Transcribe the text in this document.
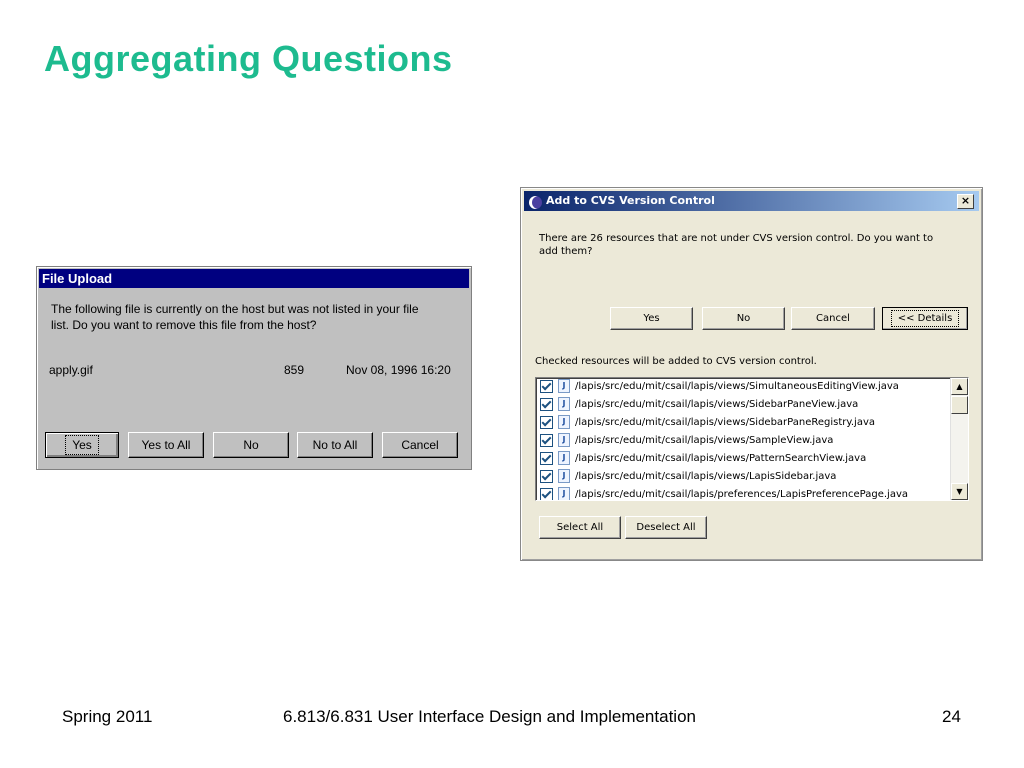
Aggregating Questions
File Upload
The following file is currently on the host but was not listed in your file
list. Do you want to remove this file from the host?
apply.gif	859	Nov 08, 1996 16:20
Yes	Yes to All	No	No to All	Cancel
Add to CVS Version Control	×
There are 26 resources that are not under CVS version control. Do you want to
add them?
Yes	No	Cancel	<< Details
Checked resources will be added to CVS version control.
J /lapis/src/edu/mit/csail/lapis/views/SimultaneousEditingView.java
J /lapis/src/edu/mit/csail/lapis/views/SidebarPaneView.java
J /lapis/src/edu/mit/csail/lapis/views/SidebarPaneRegistry.java
J /lapis/src/edu/mit/csail/lapis/views/SampleView.java
J /lapis/src/edu/mit/csail/lapis/views/PatternSearchView.java
J /lapis/src/edu/mit/csail/lapis/views/LapisSidebar.java
J /lapis/src/edu/mit/csail/lapis/preferences/LapisPreferencePage.java
▲
▼
Select All	Deselect All
Spring 2011	6.813/6.831 User Interface Design and Implementation	24
